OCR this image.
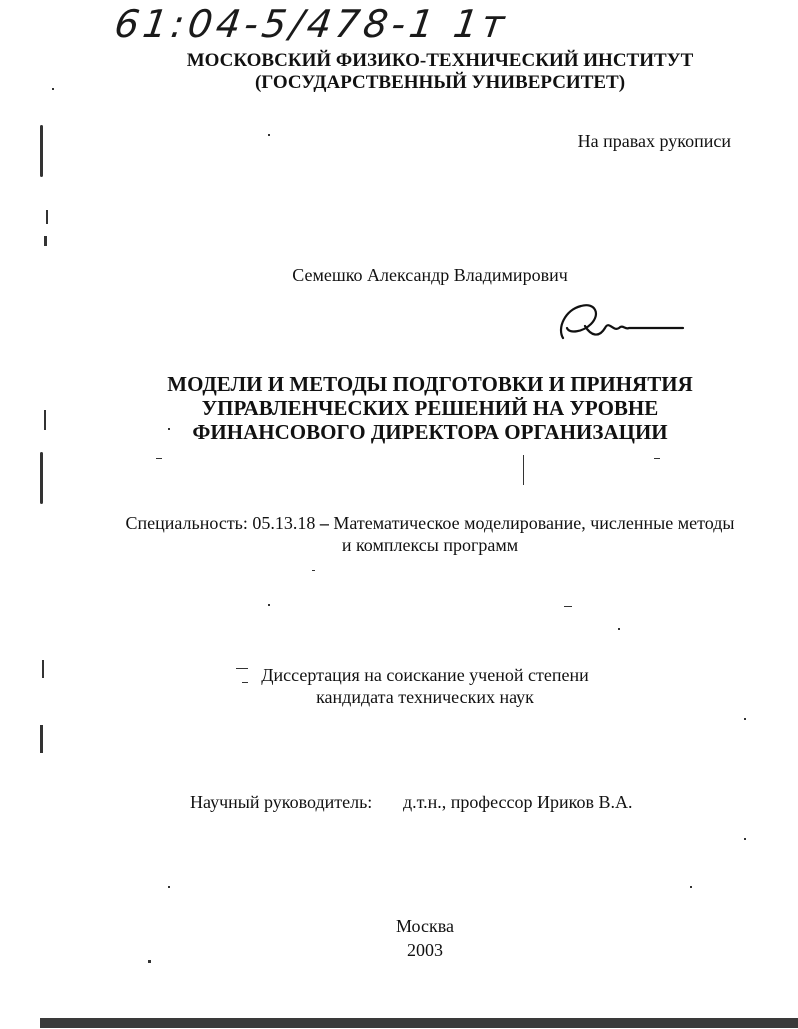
61:04-5/478-1 1т
МОСКОВСКИЙ ФИЗИКО-ТЕХНИЧЕСКИЙ ИНСТИТУТ
(ГОСУДАРСТВЕННЫЙ УНИВЕРСИТЕТ)
На правах рукописи
Семешко Александр Владимирович
МОДЕЛИ И МЕТОДЫ ПОДГОТОВКИ И ПРИНЯТИЯ
УПРАВЛЕНЧЕСКИХ РЕШЕНИЙ НА УРОВНЕ
ФИНАНСОВОГО ДИРЕКТОРА ОРГАНИЗАЦИИ
Специальность: 05.13.18 – Математическое моделирование, численные методы
и комплексы программ
Диссертация на соискание ученой степени
кандидата технических наук
Научный руководитель: д.т.н., профессор Ириков В.А.
Москва
2003
